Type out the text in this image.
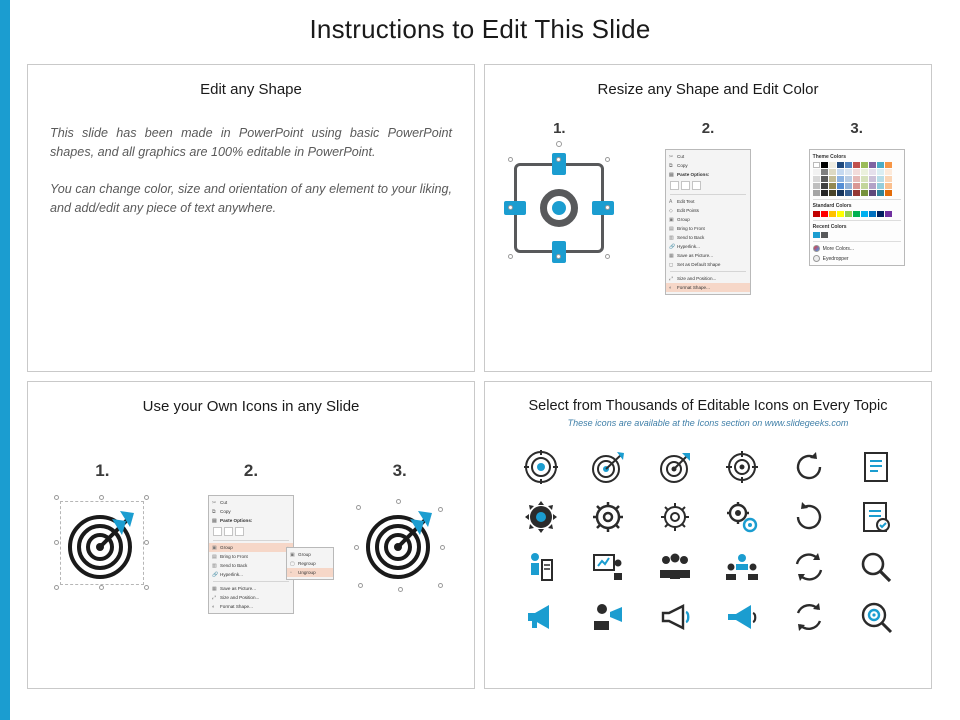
Instructions to Edit This Slide
Edit any Shape
This slide has been made in PowerPoint using basic PowerPoint shapes, and all graphics are 100% editable in PowerPoint.
You can change color, size and orientation of any element to your liking, and add/edit any piece of text anywhere.
Resize any Shape and Edit Color
1.	2.	3.
✂ Cut
⧉ Copy
▤ Paste Options:
A	Edit Text
◇ Edit Points
▣ Group
▤ Bring to Front
▥ Send to Back
🔗 Hyperlink...
▦ Save as Picture...
◻ Set as Default Shape
⤢ Size and Position...
◐	Format Shape...
Theme Colors
Standard Colors
Recent Colors
More Colors...
Eyedropper
Use your Own Icons in any Slide
1.	2.	3.
✂ Cut
⧉ Copy
▤ Paste Options:
▣ Group
▤ Bring to Front
▥ Send to Back
🔗 Hyperlink...
▦ Save as Picture...
⤢ Size and Position...
◐	Format Shape...
▣ Group
▢ Regroup
▫	Ungroup
Select from Thousands of Editable Icons on Every Topic
These icons are available at the Icons section on www.slidegeeks.com
